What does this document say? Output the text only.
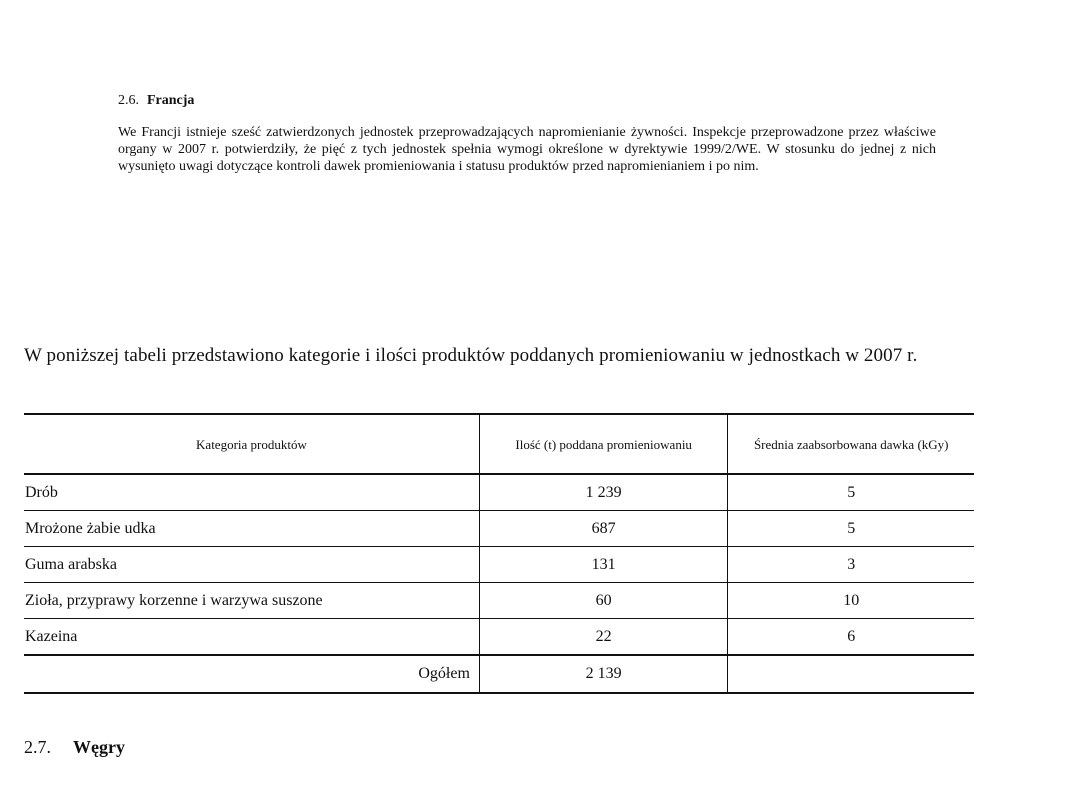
2.6. Francja

We Francji istnieje sześć zatwierdzonych jednostek przeprowadzających napromienianie żywności. Inspekcje przeprowadzone przez właściwe organy w 2007 r. potwierdziły, że pięć z tych jednostek spełnia wymogi określone w dyrektywie 1999/2/WE. W stosunku do jednej z nich wysunięto uwagi dotyczące kontroli dawek promieniowania i statusu produktów przed napromienianiem i po nim.

W poniższej tabeli przedstawiono kategorie i ilości produktów poddanych promieniowaniu w jednostkach w 2007 r.

Kategoria produktów	Ilość (t) poddana promieniowaniu	Średnia zaabsorbowana dawka (kGy)
Drób	1 239	5
Mrożone żabie udka	687	5
Guma arabska	131	3
Zioła, przyprawy korzenne i warzywa suszone	60	10
Kazeina	22	6
Ogółem	2 139	
2.7. Węgry
